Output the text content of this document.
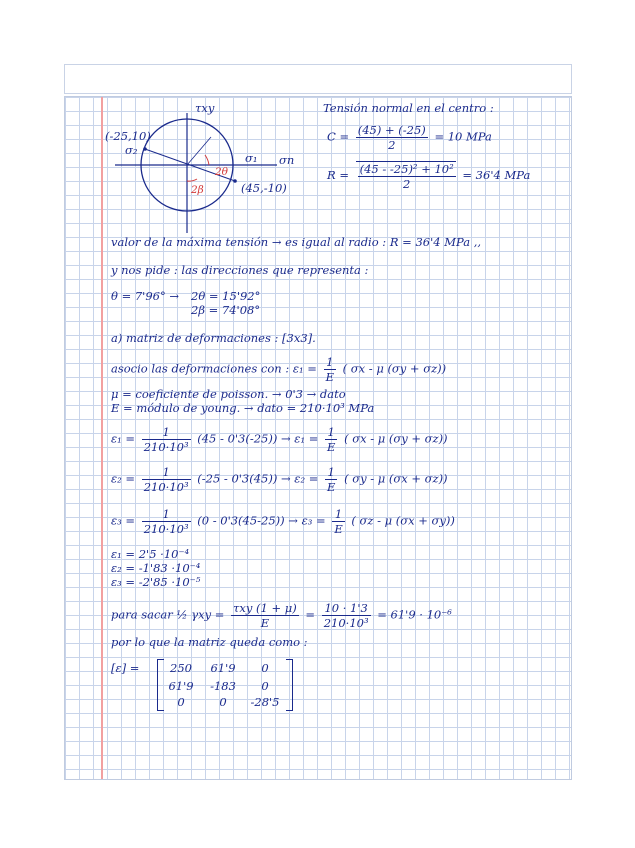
τxy
σn
(-25,10)
σ₂
σ₁
(45,-10)
2θ
2β
Tensión normal en el centro :
$C = \frac{(45) + (-25)}{2} = 10$ MPa
$R = \frac{\text{(45 - -25)² + 10²}}{2} = 36'4$ MPa
valor de la máxima tensión → es igual al radio : R = 36'4 MPa ,,
y nos pide : las direcciones que representa :
θ = 7'96° → 2θ = 15'92°
2β = 74'08°
a) matriz de deformaciones : [3x3].
asocio las deformaciones con : $\varepsilon_1 = \frac{1}{E}$ ( σx - μ (σy + σz))
μ = coeficiente de poisson. → 0'3 → dato
E = módulo de young. → dato = 210·10³ MPa
$\varepsilon_1 = \frac{1}{\text{210·10³}} (45 - 0'3(-25)) \to \varepsilon_1 = \frac{1}{E}$ ( σx - μ (σy + σz))
$\varepsilon_2 = \frac{1}{\text{210·10³}} (-25 - 0'3(45)) \to \varepsilon_2 = \frac{1}{E}$ ( σy - μ (σx + σz))
$\varepsilon_3 = \frac{1}{\text{210·10³}} (0 - 0'3(45-25)) \to \varepsilon_3 = \frac{1}{E}$ ( σz - μ (σx + σy))
ε₁ = 2'5 ·10⁻⁴
ε₂ = -1'83 ·10⁻⁴
ε₃ = -2'85 ·10⁻⁵
para sacar ½ $\gamma xy = \frac{\text{τxy (1 + μ)}}{E} = \frac{10 \cdot 1'3}{\text{210·10³}} = 61'9 \cdot 10^{-6}$
por lo que la matriz queda como :
[ε] =	250	61'9	0
61'9	-183	0
0	0	-28'5
